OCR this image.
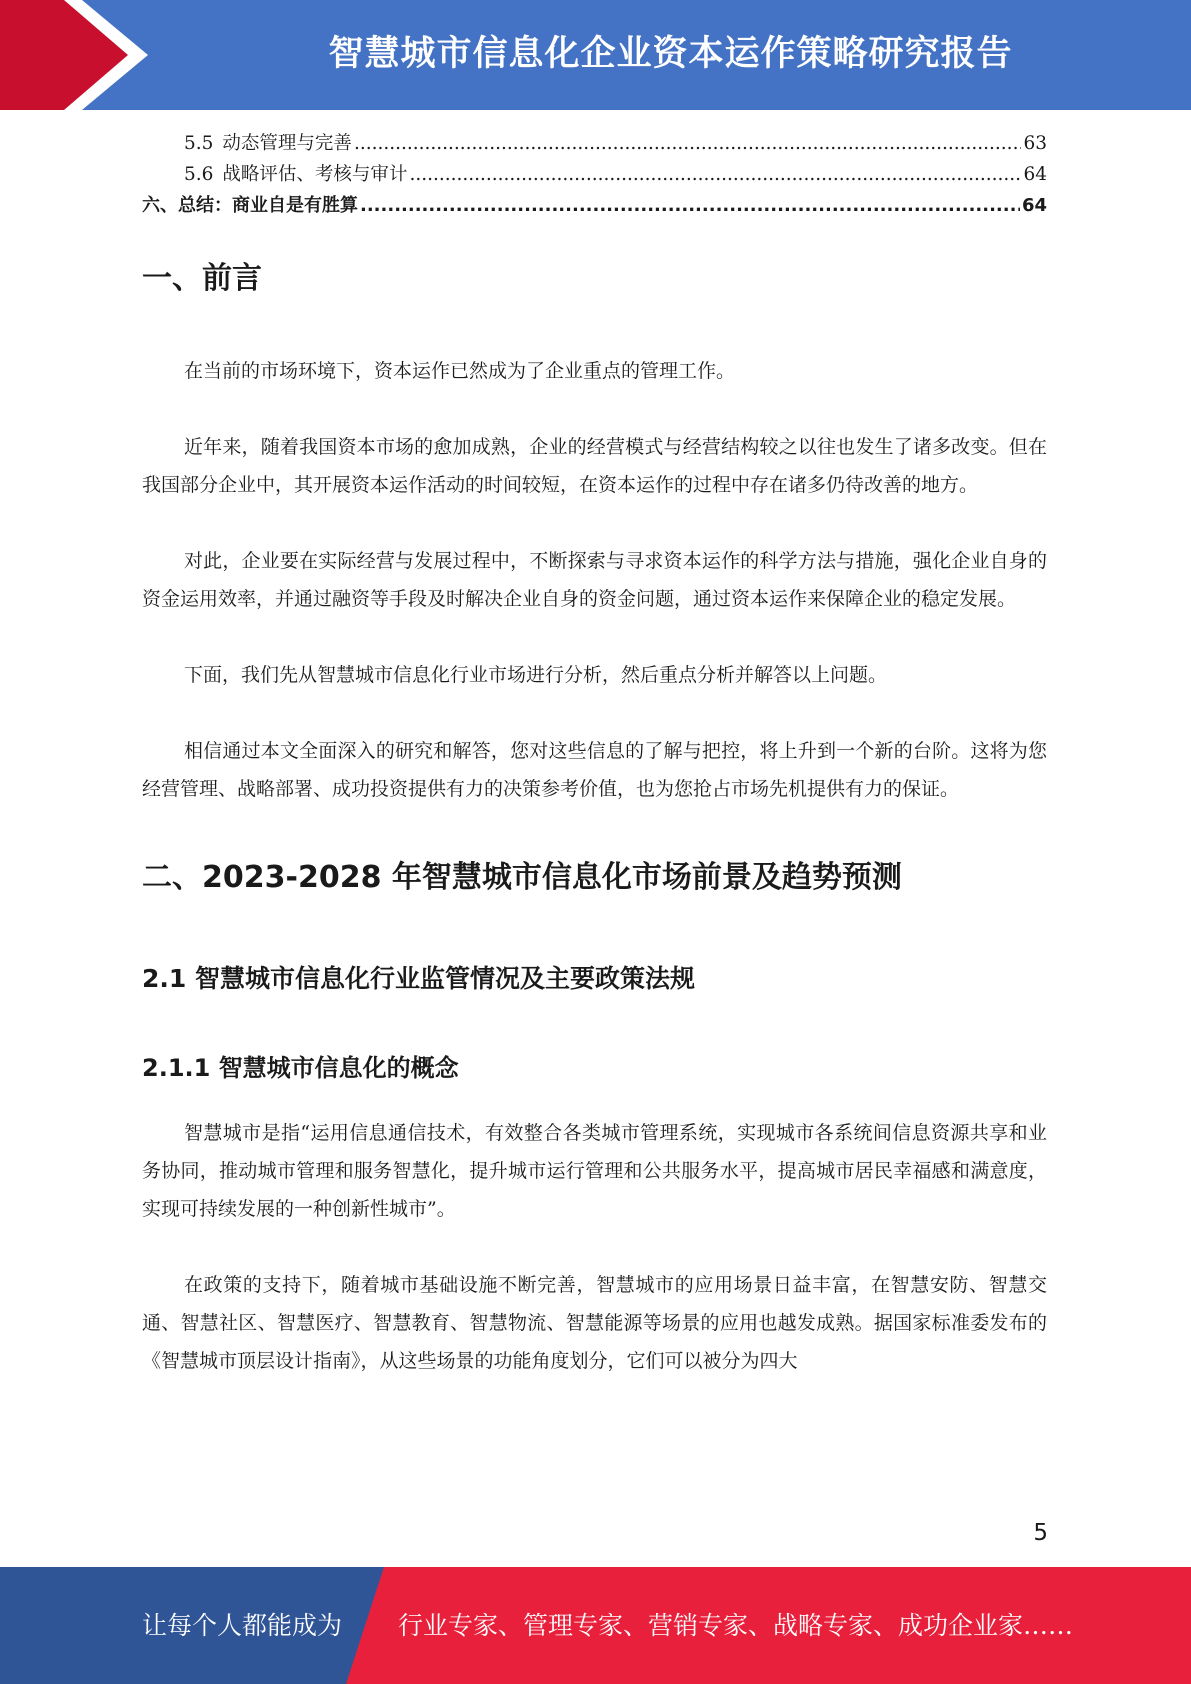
智慧城市信息化企业资本运作策略研究报告
5.5 动态管理与完善 .....	63
5.6 战略评估、考核与审计 .....	64
六、总结：商业自是有胜算 .....	64
一、前言

在当前的市场环境下，资本运作已然成为了企业重点的管理工作。

近年来，随着我国资本市场的愈加成熟，企业的经营模式与经营结构较之以往也发生了诸多改变。但在我国部分企业中，其开展资本运作活动的时间较短，在资本运作的过程中存在诸多仍待改善的地方。

对此，企业要在实际经营与发展过程中，不断探索与寻求资本运作的科学方法与措施，强化企业自身的资金运用效率，并通过融资等手段及时解决企业自身的资金问题，通过资本运作来保障企业的稳定发展。

下面，我们先从智慧城市信息化行业市场进行分析，然后重点分析并解答以上问题。

相信通过本文全面深入的研究和解答，您对这些信息的了解与把控，将上升到一个新的台阶。这将为您经营管理、战略部署、成功投资提供有力的决策参考价值，也为您抢占市场先机提供有力的保证。

二、2023-2028 年智慧城市信息化市场前景及趋势预测
2.1 智慧城市信息化行业监管情况及主要政策法规
2.1.1 智慧城市信息化的概念

智慧城市是指“运用信息通信技术，有效整合各类城市管理系统，实现城市各系统间信息资源共享和业务协同，推动城市管理和服务智慧化，提升城市运行管理和公共服务水平，提高城市居民幸福感和满意度，实现可持续发展的一种创新性城市”。

在政策的支持下，随着城市基础设施不断完善，智慧城市的应用场景日益丰富，在智慧安防、智慧交通、智慧社区、智慧医疗、智慧教育、智慧物流、智慧能源等场景的应用也越发成熟。据国家标准委发布的《智慧城市顶层设计指南》，从这些场景的功能角度划分，它们可以被分为四大

5
让每个人都能成为 行业专家、管理专家、营销专家、战略专家、成功企业家……
